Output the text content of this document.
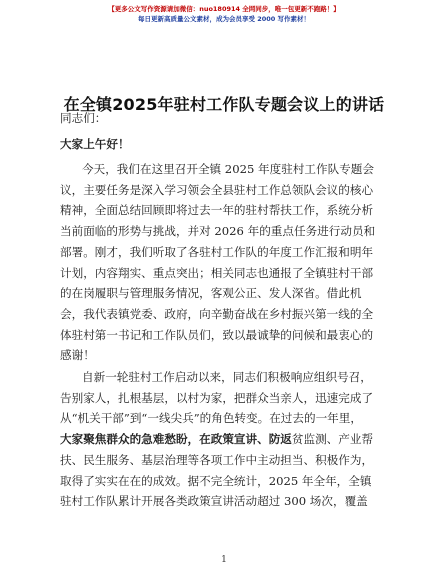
【更多公文写作资源请加微信：nuo180914 全网同步，唯一包更新不跑路！】
每日更新高质量公文素材，成为会员享受 2000 写作素材！
在全镇2025年驻村工作队专题会议上的讲话
同志们：
大家上午好！
今天，我们在这里召开全镇 2025 年度驻村工作队专题会
议，主要任务是深入学习领会全县驻村工作总领队会议的核心
精神，全面总结回顾即将过去一年的驻村帮扶工作，系统分析
当前面临的形势与挑战，并对 2026 年的重点任务进行动员和
部署。刚才，我们听取了各驻村工作队的年度工作汇报和明年
计划，内容翔实、重点突出；相关同志也通报了全镇驻村干部
的在岗履职与管理服务情况，客观公正、发人深省。借此机
会，我代表镇党委、政府，向辛勤奋战在乡村振兴第一线的全
体驻村第一书记和工作队员们，致以最诚挚的问候和最衷心的
感谢！
自新一轮驻村工作启动以来，同志们积极响应组织号召，
告别家人，扎根基层，以村为家，把群众当亲人，迅速完成了
从“机关干部”到“一线尖兵”的角色转变。在过去的一年里，
大家聚焦群众的急难愁盼，在政策宣讲、防返贫监测、产业帮
扶、民生服务、基层治理等各项工作中主动担当、积极作为，
取得了实实在在的成效。据不完全统计，2025 年全年，全镇
驻村工作队累计开展各类政策宣讲活动超过 300 场次，覆盖
1
